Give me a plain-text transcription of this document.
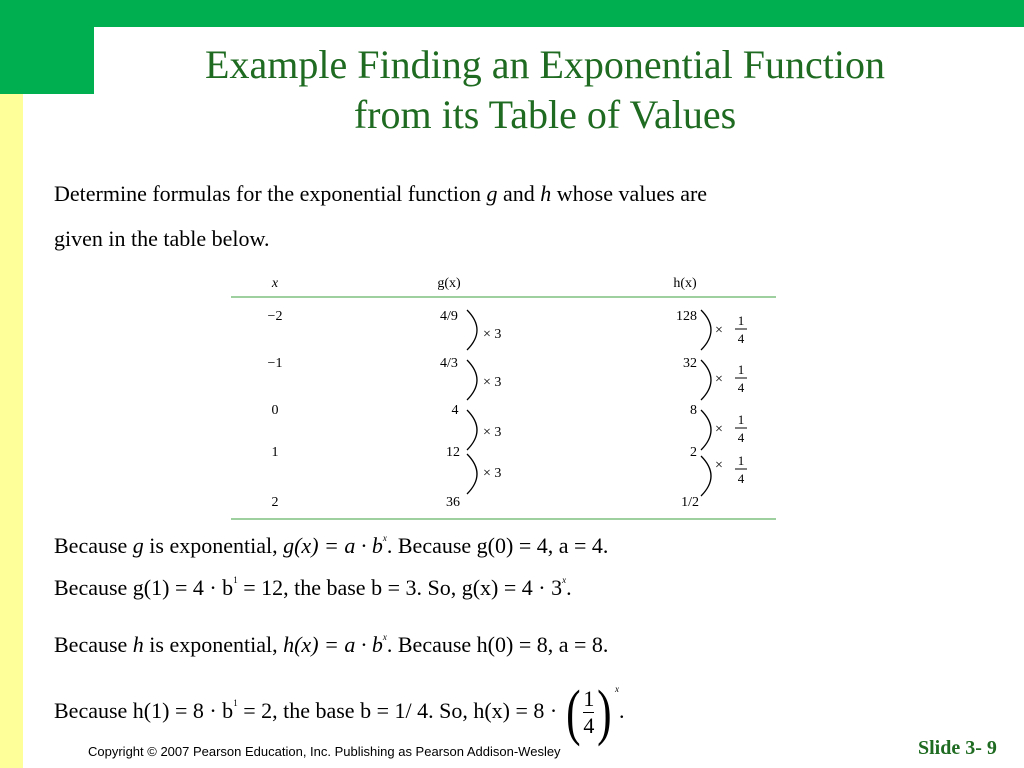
Example Finding an Exponential Function
from its Table of Values
Determine formulas for the exponential function g and h whose values are
given in the table below.
x	g(x)	h(x)
−2	4/9	128
−1	4/3	32
0	4	8
1	12	2
2	36	1/2
× 3
× 3
× 3
× 3
×
1
4
×
1
4
×
1
4
× 1
4
Because g is exponential, $g(x) = a \cdot b^x$. Because g(0) = 4, a = 4.
Because $g(1) = 4 \cdot b^1 = 12$, the base b = 3. So, $g(x) = 4 \cdot 3^x$.
Because h is exponential, $h(x) = a \cdot b^x$. Because h(0) = 8, a = 8.
Because $h(1) = 8 \cdot b^1 = 2$, the base b = 1/ 4. So, h(x) = 8 · ( $\frac{1}{4}$ ) $^x$.
Copyright © 2007 Pearson Education, Inc. Publishing as Pearson Addison-Wesley	Slide 3- 9
